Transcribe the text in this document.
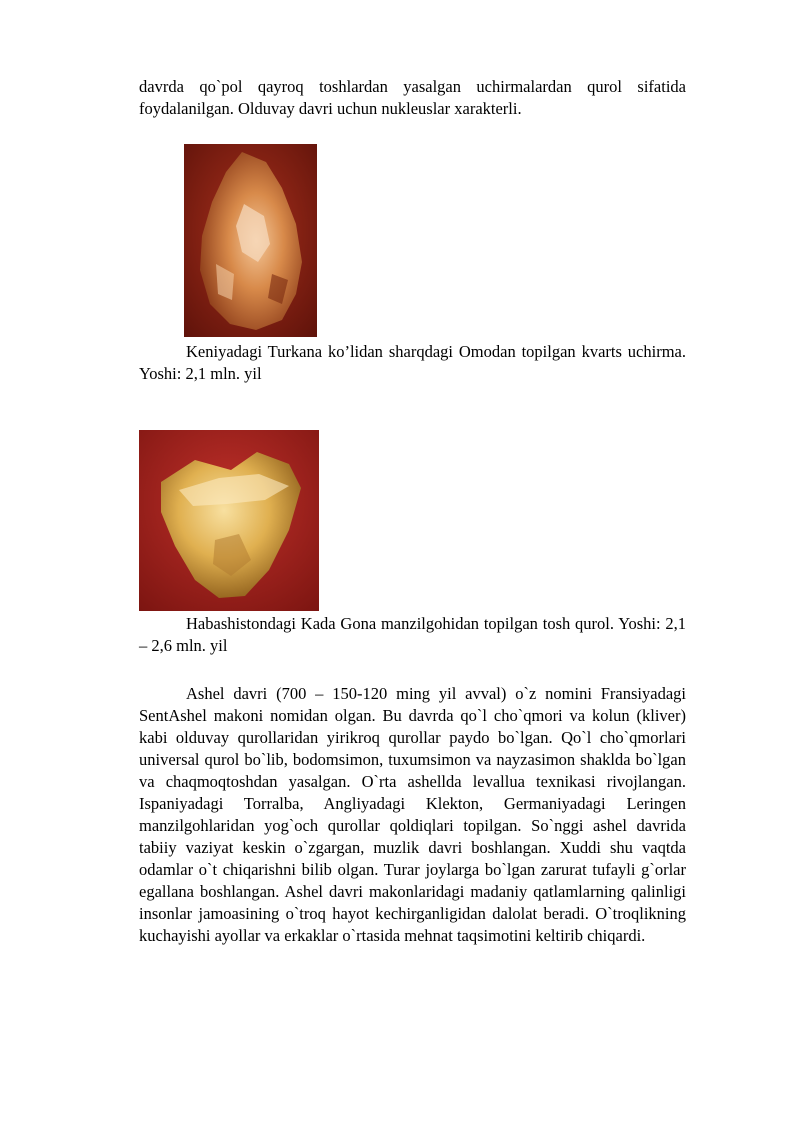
davrda qo`pol qayroq toshlardan yasalgan uchirmalardan qurol sifatida foydalanilgan. Olduvay davri uchun nukleuslar xarakterli.

Keniyadagi Turkana ko’lidan sharqdagi Omodan topilgan kvarts uchirma. Yoshi: 2,1 mln. yil

Habashistondagi Kada Gona manzilgohidan topilgan tosh qurol. Yoshi: 2,1 – 2,6 mln. yil

Ashel davri (700 – 150-120 ming yil avval) o`z nomini Fransiyadagi SentAshel makoni nomidan olgan. Bu davrda qo`l cho`qmori va kolun (kliver) kabi olduvay qurollaridan yirikroq qurollar paydo bo`lgan. Qo`l cho`qmorlari universal qurol bo`lib, bodomsimon, tuxumsimon va nayzasimon shaklda bo`lgan va chaqmoqtoshdan yasalgan. O`rta ashellda levallua texnikasi rivojlangan. Ispaniyadagi Torralba, Angliyadagi Klekton, Germaniyadagi Leringen manzilgohlaridan yog`och qurollar qoldiqlari topilgan. So`nggi ashel davrida tabiiy vaziyat keskin o`zgargan, muzlik davri boshlangan. Xuddi shu vaqtda odamlar o`t chiqarishni bilib olgan. Turar joylarga bo`lgan zarurat tufayli g`orlar egallana boshlangan. Ashel davri makonlaridagi madaniy qatlamlarning qalinligi insonlar jamoasining o`troq hayot kechirganligidan dalolat beradi. O`troqlikning kuchayishi ayollar va erkaklar o`rtasida mehnat taqsimotini keltirib chiqardi.
